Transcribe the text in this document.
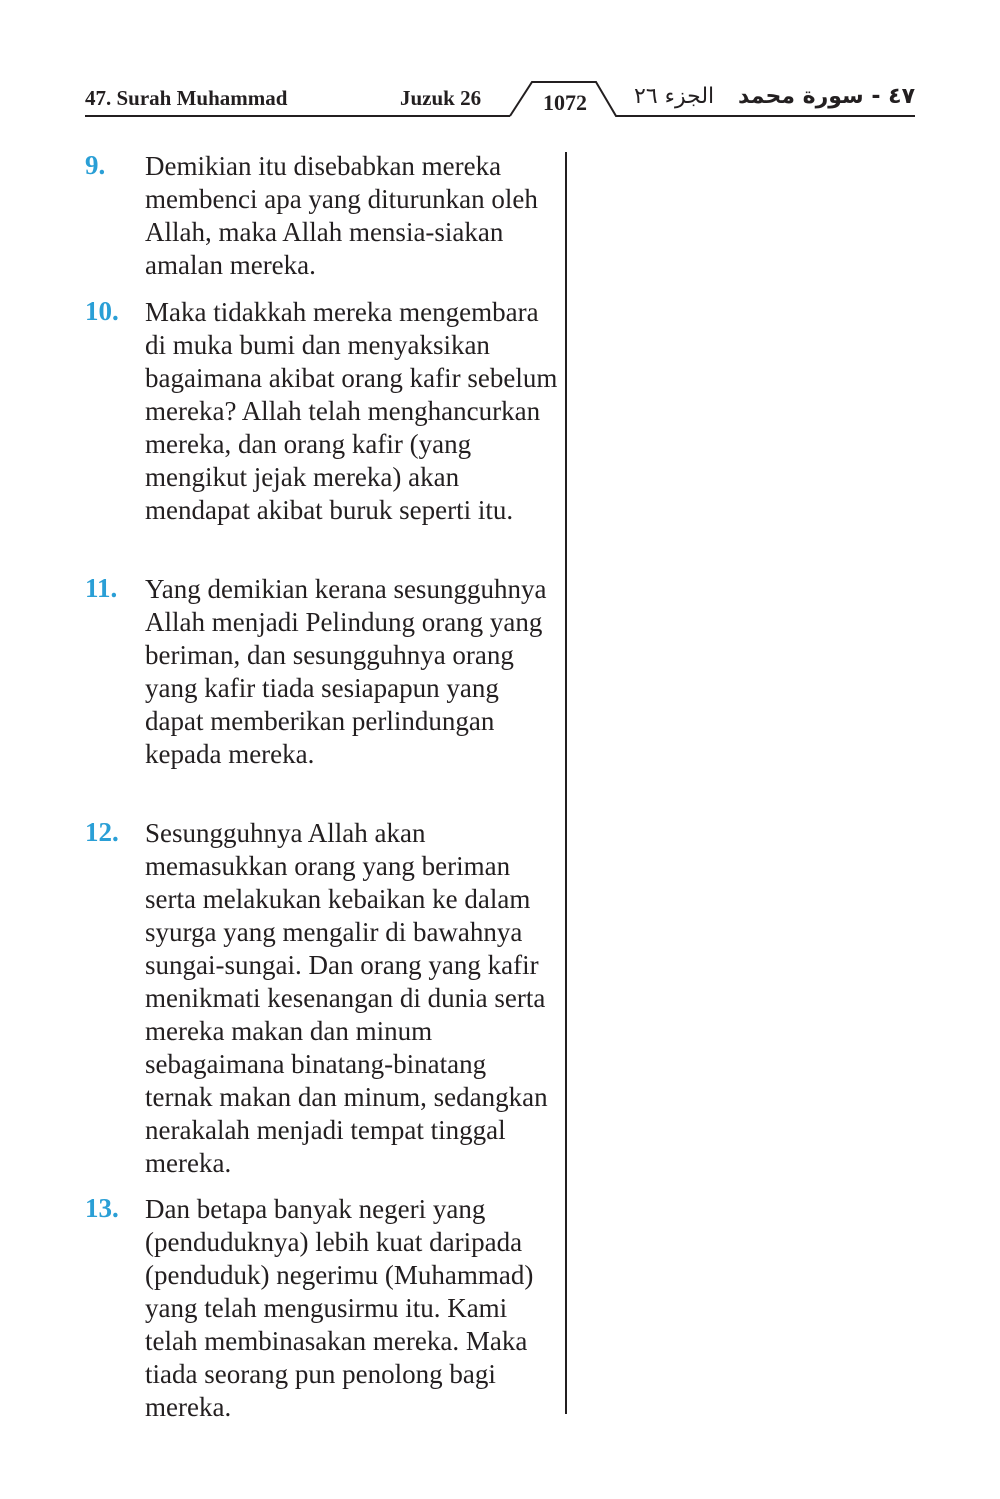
47. Surah Muhammad	Juzuk 26	1072	الجزء ٢٦ ٤٧ - سورة محمد
9. Demikian itu disebabkan mereka membenci apa yang diturunkan oleh Allah, maka Allah mensia-siakan amalan mereka.
10. Maka tidakkah mereka mengembara di muka bumi dan menyaksikan bagaimana akibat orang kafir sebelum mereka? Allah telah menghancurkan mereka, dan orang kafir (yang mengikut jejak mereka) akan mendapat akibat buruk seperti itu.
11. Yang demikian kerana sesungguhnya Allah menjadi Pelindung orang yang beriman, dan sesungguhnya orang yang kafir tiada sesiapapun yang dapat memberikan perlindungan kepada mereka.
12. Sesungguhnya Allah akan memasukkan orang yang beriman serta melakukan kebaikan ke dalam syurga yang mengalir di bawahnya sungai-sungai. Dan orang yang kafir menikmati kesenangan di dunia serta mereka makan dan minum sebagaimana binatang-binatang ternak makan dan minum, sedangkan nerakalah menjadi tempat tinggal mereka.
13. Dan betapa banyak negeri yang (penduduknya) lebih kuat daripada (penduduk) negerimu (Muhammad) yang telah mengusirmu itu. Kami telah membinasakan mereka. Maka tiada seorang pun penolong bagi mereka.
